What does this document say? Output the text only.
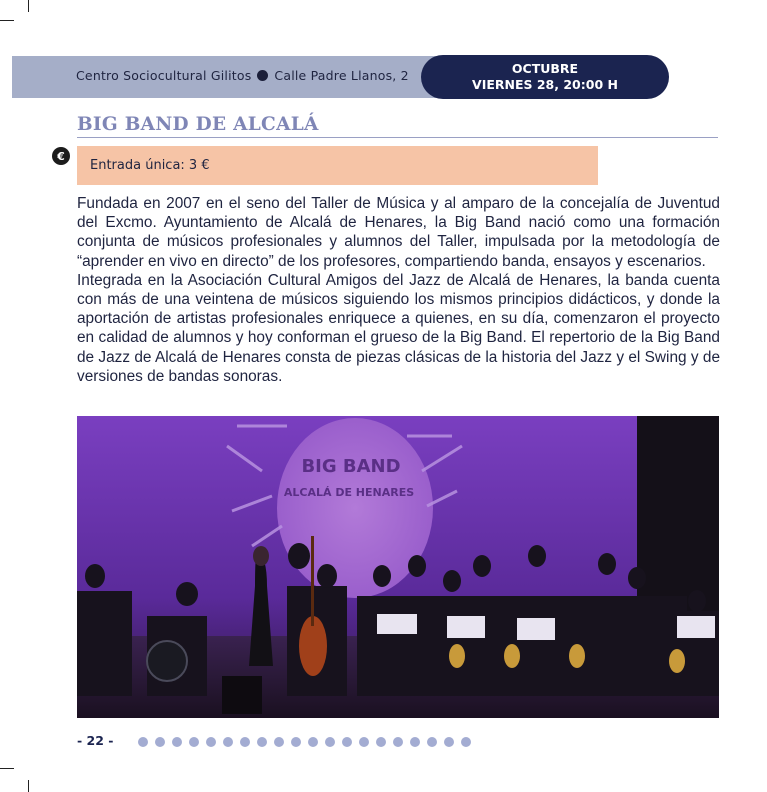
Centro Sociocultural Gilitos Calle Padre Llanos, 2	OCTUBRE
VIERNES 28, 20:00 H
BIG BAND DE ALCALÁ
€
Entrada única: 3 €

Fundada en 2007 en el seno del Taller de Música y al amparo de la concejalía de Juventud del Excmo. Ayuntamiento de Alcalá de Henares, la Big Band nació como una formación conjunta de músicos profesionales y alumnos del Taller, impulsada por la metodología de “aprender en vivo en directo” de los profesores, compartiendo banda, ensayos y escenarios.

Integrada en la Asociación Cultural Amigos del Jazz de Alcalá de Henares, la banda cuenta con más de una veintena de músicos siguiendo los mismos principios didácticos, y donde la aportación de artistas profesionales enriquece a quienes, en su día, comenzaron el proyecto en calidad de alumnos y hoy conforman el grueso de la Big Band. El repertorio de la Big Band de Jazz de Alcalá de Henares consta de piezas clásicas de la historia del Jazz y el Swing y de versiones de bandas sonoras.

BIG BAND
ALCALÁ DE HENARES
- 22 -
